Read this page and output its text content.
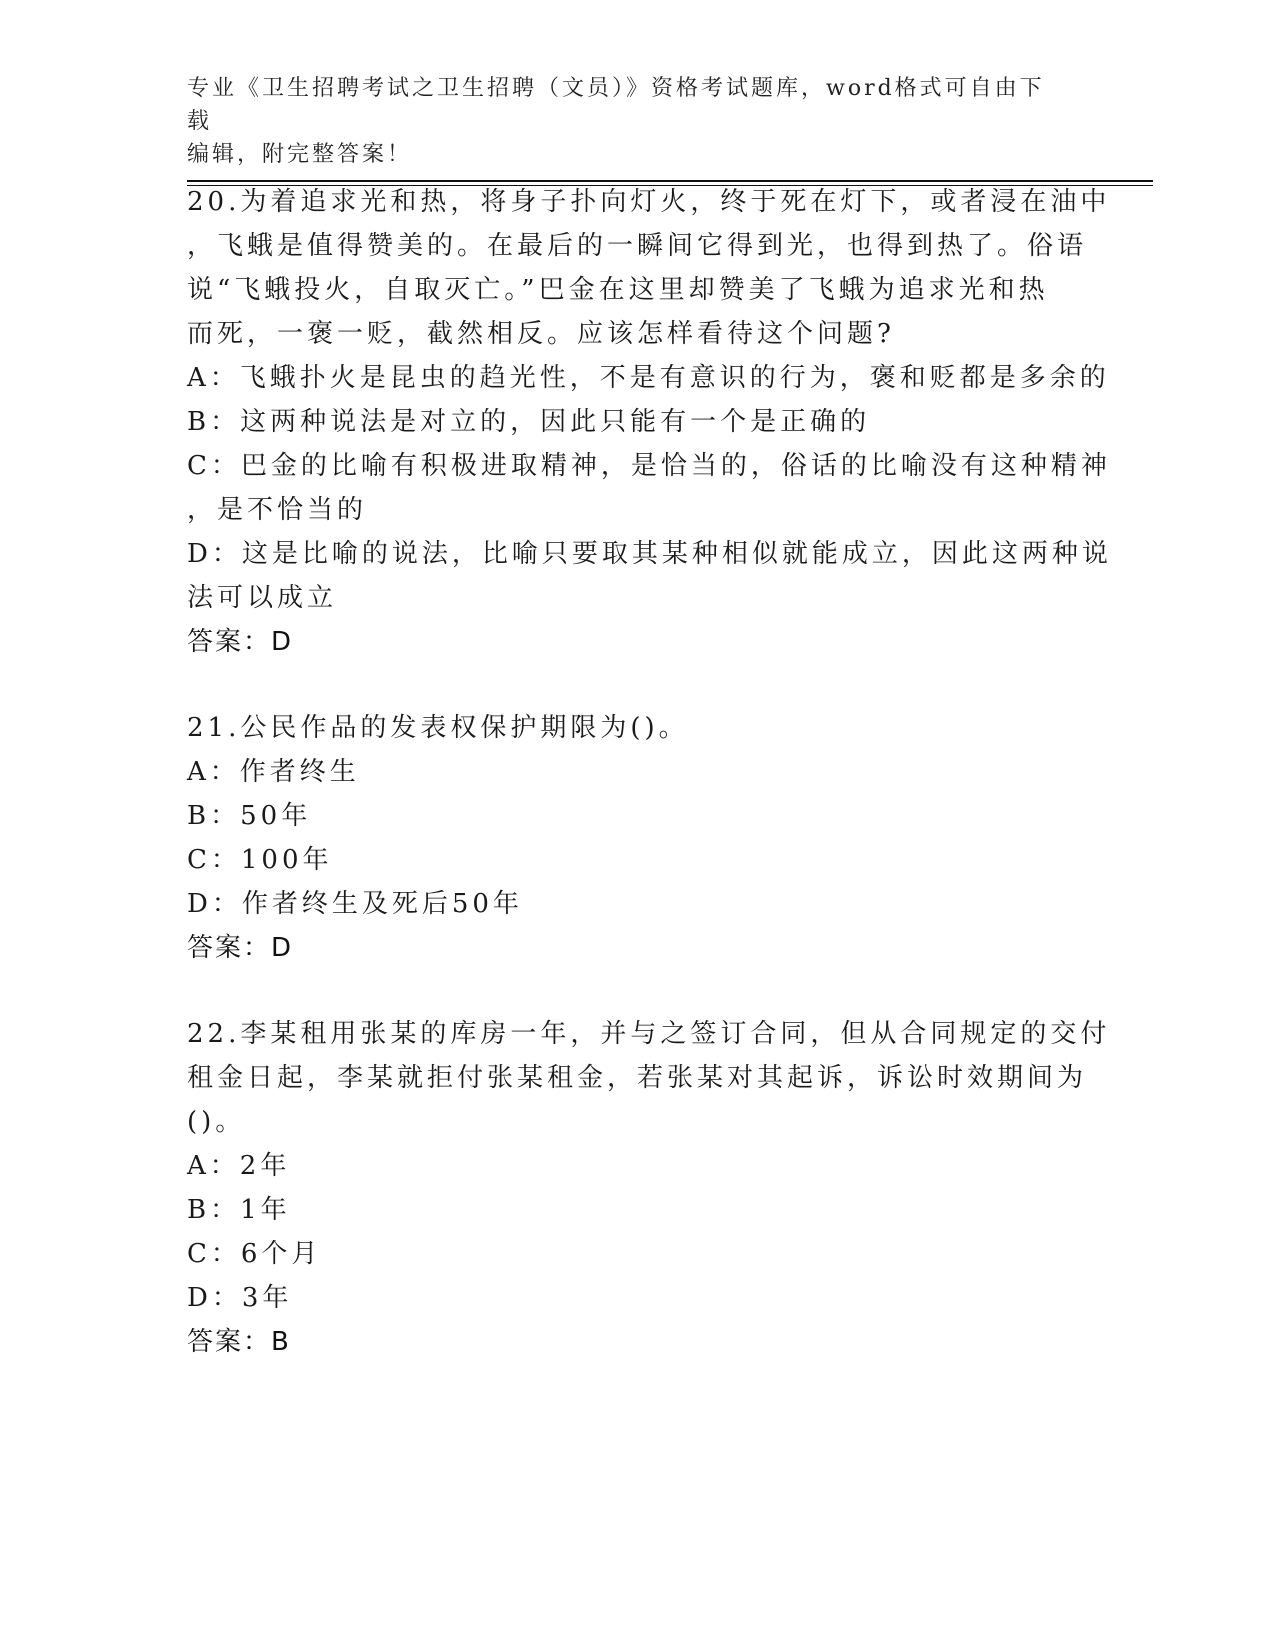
专业《卫生招聘考试之卫生招聘（文员）》资格考试题库，word格式可自由下载
编辑，附完整答案！
20.为着追求光和热，将身子扑向灯火，终于死在灯下，或者浸在油中
，飞蛾是值得赞美的。在最后的一瞬间它得到光，也得到热了。俗语
说“飞蛾投火，自取灭亡。”巴金在这里却赞美了飞蛾为追求光和热
而死，一褒一贬，截然相反。应该怎样看待这个问题?
A：飞蛾扑火是昆虫的趋光性，不是有意识的行为，褒和贬都是多余的
B：这两种说法是对立的，因此只能有一个是正确的
C：巴金的比喻有积极进取精神，是恰当的，俗话的比喻没有这种精神
，是不恰当的
D：这是比喻的说法，比喻只要取其某种相似就能成立，因此这两种说
法可以成立
答案：D
21.公民作品的发表权保护期限为()。
A：作者终生
B：50年
C：100年
D：作者终生及死后50年
答案：D
22.李某租用张某的库房一年，并与之签订合同，但从合同规定的交付
租金日起，李某就拒付张某租金，若张某对其起诉，诉讼时效期间为
()。
A：2年
B：1年
C：6个月
D：3年
答案：B
